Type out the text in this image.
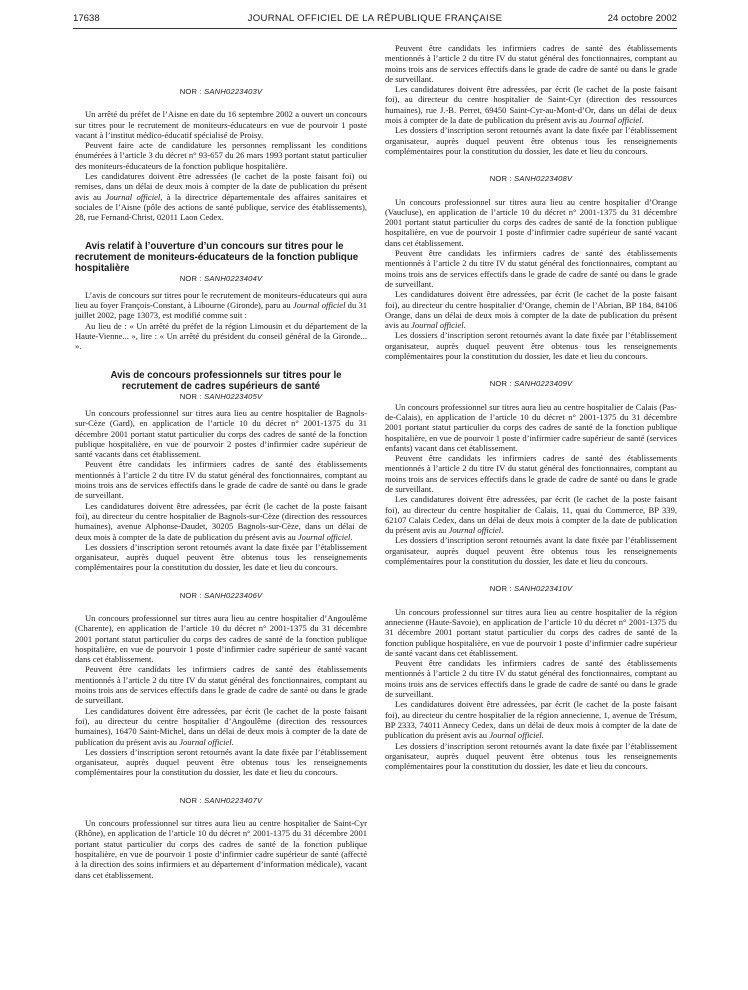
17638	JOURNAL OFFICIEL DE LA RÉPUBLIQUE FRANÇAISE	24 octobre 2002

NOR : SANH0223403V

Un arrêté du préfet de l’Aisne en date du 16 septembre 2002 a ouvert un concours sur titres pour le recrutement de moniteurs-éducateurs en vue de pourvoir 1 poste vacant à l’institut médico-éducatif spécialisé de Proisy.

Peuvent faire acte de candidature les personnes remplissant les conditions énumérées à l’article 3 du décret n° 93-657 du 26 mars 1993 portant statut particulier des moniteurs-éducateurs de la fonction publique hospitalière.

Les candidatures doivent être adressées (le cachet de la poste faisant foi) ou remises, dans un délai de deux mois à compter de la date de publication du présent avis au Journal officiel, à la directrice départementale des affaires sanitaires et sociales de l’Aisne (pôle des actions de santé publique, service des établissements), 28, rue Fernand-Christ, 02011 Laon Cedex.

Avis relatif à l’ouverture d’un concours sur titres pour le recrutement de moniteurs-éducateurs de la fonction publique hospitalière

NOR : SANH0223404V

L’avis de concours sur titres pour le recrutement de moniteurs-éducateurs qui aura lieu au foyer François-Constant, à Libourne (Gironde), paru au Journal officiel du 31 juillet 2002, page 13073, est modifié comme suit :

Au lieu de : « Un arrêté du préfet de la région Limousin et du département de la Haute-Vienne... », lire : « Un arrêté du président du conseil général de la Gironde... ».

Avis de concours professionnels sur titres pour le recrutement de cadres supérieurs de santé

NOR : SANH0223405V

Un concours professionnel sur titres aura lieu au centre hospitalier de Bagnols-sur-Cèze (Gard), en application de l’article 10 du décret n° 2001-1375 du 31 décembre 2001 portant statut particulier du corps des cadres de santé de la fonction publique hospitalière, en vue de pourvoir 2 postes d’infirmier cadre supérieur de santé vacants dans cet établissement.

Peuvent être candidats les infirmiers cadres de santé des établissements mentionnés à l’article 2 du titre IV du statut général des fonctionnaires, comptant au moins trois ans de services effectifs dans le grade de cadre de santé ou dans le grade de surveillant.

Les candidatures doivent être adressées, par écrit (le cachet de la poste faisant foi), au directeur du centre hospitalier de Bagnols-sur-Cèze (direction des ressources humaines), avenue Alphonse-Daudet, 30205 Bagnols-sur-Cèze, dans un délai de deux mois à compter de la date de publication du présent avis au Journal officiel.

Les dossiers d’inscription seront retournés avant la date fixée par l’établissement organisateur, auprès duquel peuvent être obtenus tous les renseignements complémentaires pour la constitution du dossier, les date et lieu du concours.

NOR : SANH0223406V

Un concours professionnel sur titres aura lieu au centre hospitalier d’Angoulême (Charente), en application de l’article 10 du décret n° 2001-1375 du 31 décembre 2001 portant statut particulier du corps des cadres de santé de la fonction publique hospitalière, en vue de pourvoir 1 poste d’infirmier cadre supérieur de santé vacant dans cet établissement.

Peuvent être candidats les infirmiers cadres de santé des établissements mentionnés à l’article 2 du titre IV du statut général des fonctionnaires, comptant au moins trois ans de services effectifs dans le grade de cadre de santé ou dans le grade de surveillant.

Les candidatures doivent être adressées, par écrit (le cachet de la poste faisant foi), au directeur du centre hospitalier d’Angoulême (direction des ressources humaines), 16470 Saint-Michel, dans un délai de deux mois à compter de la date de publication du présent avis au Journal officiel.

Les dossiers d’inscription seront retournés avant la date fixée par l’établissement organisateur, auprès duquel peuvent être obtenus tous les renseignements complémentaires pour la constitution du dossier, les date et lieu du concours.

NOR : SANH0223407V

Un concours professionnel sur titres aura lieu au centre hospitalier de Saint-Cyr (Rhône), en application de l’article 10 du décret n° 2001-1375 du 31 décembre 2001 portant statut particulier du corps des cadres de santé de la fonction publique hospitalière, en vue de pourvoir 1 poste d’infirmier cadre supérieur de santé (affecté à la direction des soins infirmiers et au département d’information médicale), vacant dans cet établissement.

Peuvent être candidats les infirmiers cadres de santé des établissements mentionnés à l’article 2 du titre IV du statut général des fonctionnaires, comptant au moins trois ans de services effectifs dans le grade de cadre de santé ou dans le grade de surveillant.

Les candidatures doivent être adressées, par écrit (le cachet de la poste faisant foi), au directeur du centre hospitalier de Saint-Cyr (direction des ressources humaines), rue J.-B. Perret, 69450 Saint-Cyr-au-Mont-d’Or, dans un délai de deux mois à compter de la date de publication du présent avis au Journal officiel.

Les dossiers d’inscription seront retournés avant la date fixée par l’établissement organisateur, auprès duquel peuvent être obtenus tous les renseignements complémentaires pour la constitution du dossier, les date et lieu du concours.

NOR : SANH0223408V

Un concours professionnel sur titres aura lieu au centre hospitalier d’Orange (Vaucluse), en application de l’article 10 du décret n° 2001-1375 du 31 décembre 2001 portant statut particulier du corps des cadres de santé de la fonction publique hospitalière, en vue de pourvoir 1 poste d’infirmier cadre supérieur de santé vacant dans cet établissement.

Peuvent être candidats les infirmiers cadres de santé des établissements mentionnés à l’article 2 du titre IV du statut général des fonctionnaires, comptant au moins trois ans de services effectifs dans le grade de cadre de santé ou dans le grade de surveillant.

Les candidatures doivent être adressées, par écrit (le cachet de la poste faisant foi), au directeur du centre hospitalier d’Orange, chemin de l’Abrian, BP 184, 84106 Orange, dans un délai de deux mois à compter de la date de publication du présent avis au Journal officiel.

Les dossiers d’inscription seront retournés avant la date fixée par l’établissement organisateur, auprès duquel peuvent être obtenus tous les renseignements complémentaires pour la constitution du dossier, les date et lieu du concours.

NOR : SANH0223409V

Un concours professionnel sur titres aura lieu au centre hospitalier de Calais (Pas-de-Calais), en application de l’article 10 du décret n° 2001-1375 du 31 décembre 2001 portant statut particulier du corps des cadres de santé de la fonction publique hospitalière, en vue de pourvoir 1 poste d’infirmier cadre supérieur de santé (services enfants) vacant dans cet établissement.

Peuvent être candidats les infirmiers cadres de santé des établissements mentionnés à l’article 2 du titre IV du statut général des fonctionnaires, comptant au moins trois ans de services effectifs dans le grade de cadre de santé ou dans le grade de surveillant.

Les candidatures doivent être adressées, par écrit (le cachet de la poste faisant foi), au directeur du centre hospitalier de Calais, 11, quai du Commerce, BP 339, 62107 Calais Cedex, dans un délai de deux mois à compter de la date de publication du présent avis au Journal officiel.

Les dossiers d’inscription seront retournés avant la date fixée par l’établissement organisateur, auprès duquel peuvent être obtenus tous les renseignements complémentaires pour la constitution du dossier, les date et lieu du concours.

NOR : SANH0223410V

Un concours professionnel sur titres aura lieu au centre hospitalier de la région annecienne (Haute-Savoie), en application de l’article 10 du décret n° 2001-1375 du 31 décembre 2001 portant statut particulier du corps des cadres de santé de la fonction publique hospitalière, en vue de pourvoir 1 poste d’infirmier cadre supérieur de santé vacant dans cet établissement.

Peuvent être candidats les infirmiers cadres de santé des établissements mentionnés à l’article 2 du titre IV du statut général des fonctionnaires, comptant au moins trois ans de services effectifs dans le grade de cadre de santé ou dans le grade de surveillant.

Les candidatures doivent être adressées, par écrit (le cachet de la poste faisant foi), au directeur du centre hospitalier de la région annecienne, 1, avenue de Trésum, BP 2333, 74011 Annecy Cedex, dans un délai de deux mois à compter de la date de publication du présent avis au Journal officiel.

Les dossiers d’inscription seront retournés avant la date fixée par l’établissement organisateur, auprès duquel peuvent être obtenus tous les renseignements complémentaires pour la constitution du dossier, les date et lieu du concours.
